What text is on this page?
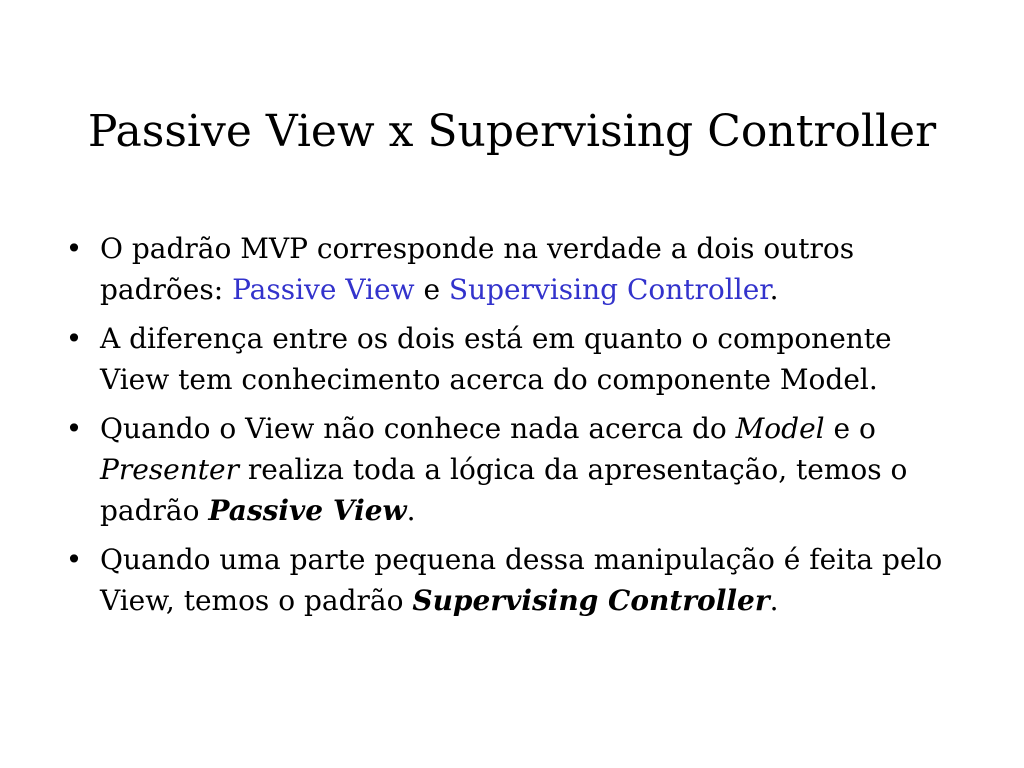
Passive View x Supervising Controller
• O padrão MVP corresponde na verdade a dois outros padrões: Passive View e Supervising Controller.
• A diferença entre os dois está em quanto o componente View tem conhecimento acerca do componente Model.
• Quando o View não conhece nada acerca do Model e o Presenter realiza toda a lógica da apresentação, temos o padrão Passive View.
• Quando uma parte pequena dessa manipulação é feita pelo View, temos o padrão Supervising Controller.
